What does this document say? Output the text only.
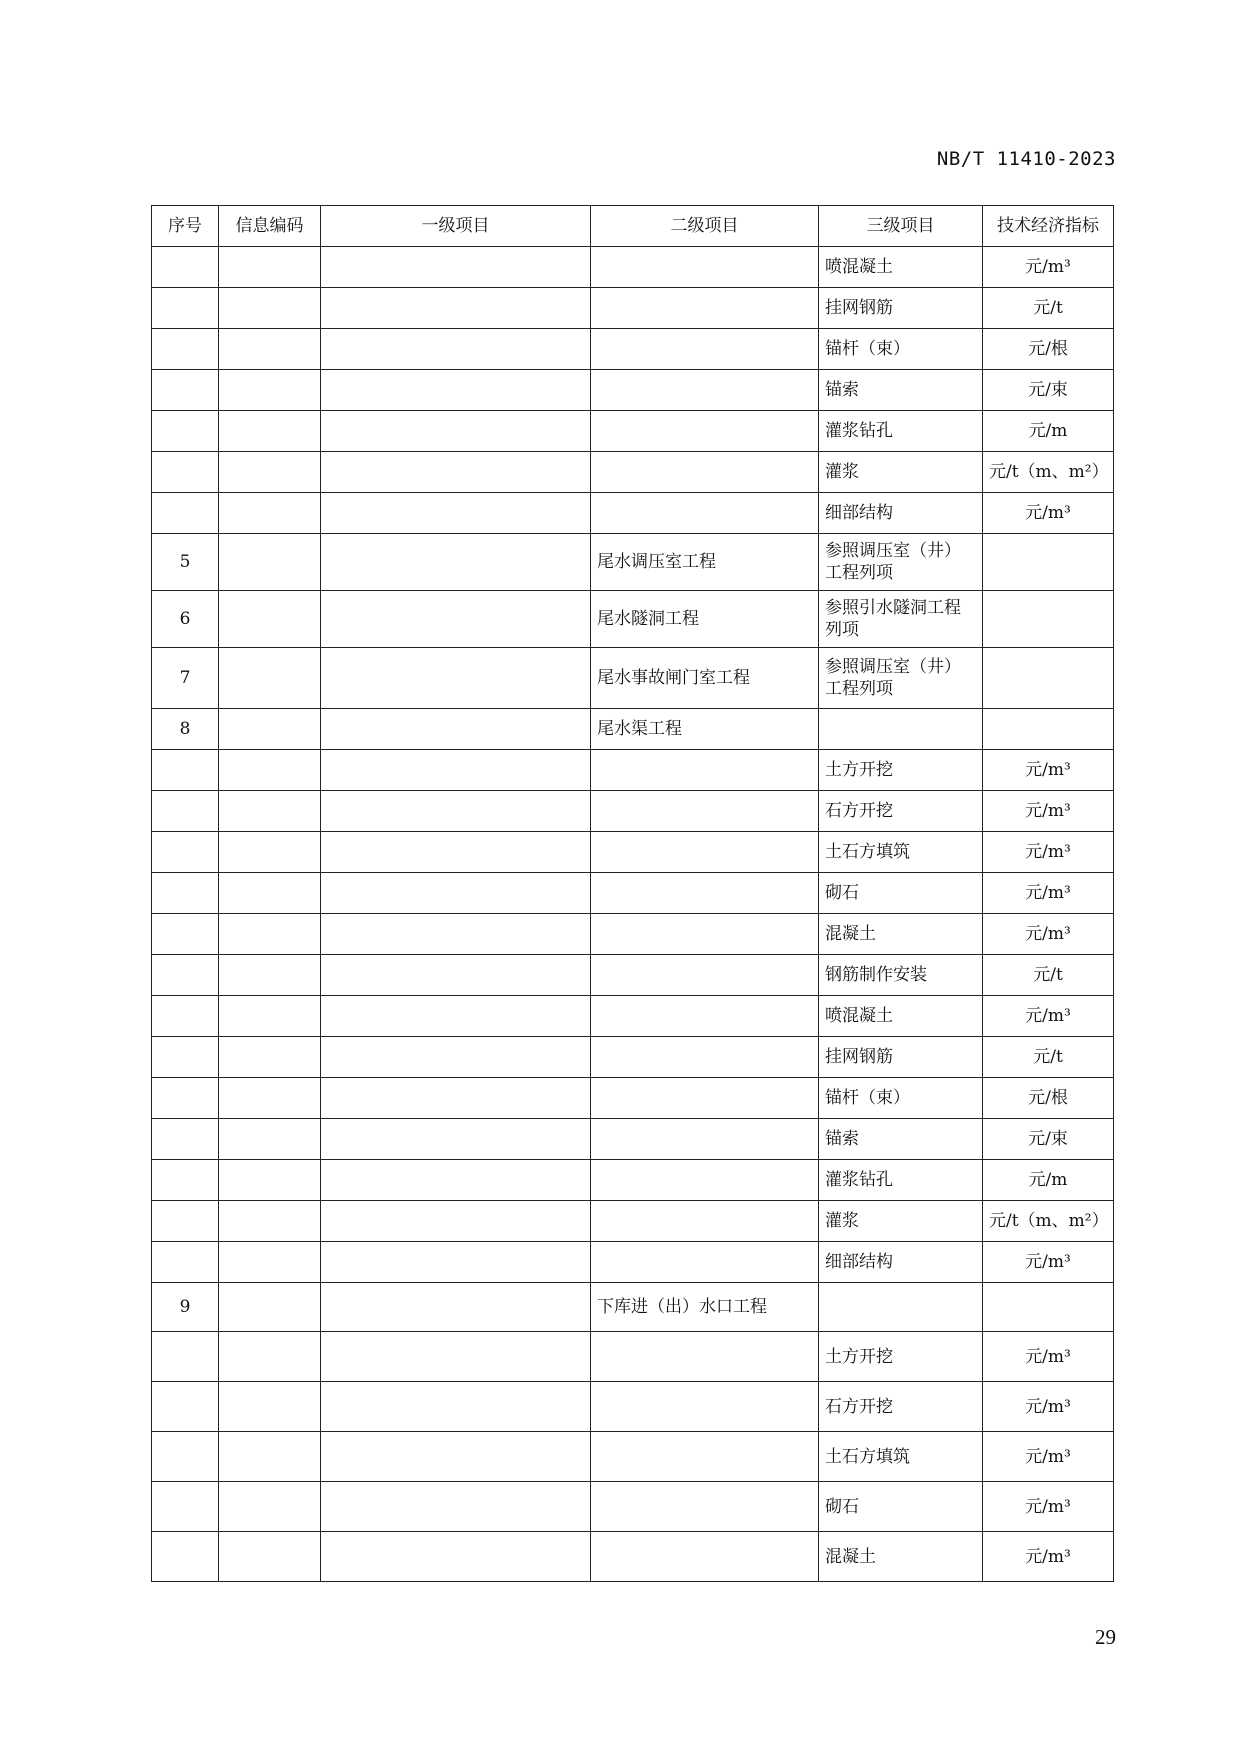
NB/T 11410-2023
序号	信息编码	一级项目	二级项目	三级项目	技术经济指标
				喷混凝土	元/m³
				挂网钢筋	元/t
				锚杆（束）	元/根
				锚索	元/束
				灌浆钻孔	元/m
				灌浆	元/t（m、m²）
				细部结构	元/m³
5			尾水调压室工程	参照调压室（井）工程列项	
6			尾水隧洞工程	参照引水隧洞工程列项	
7			尾水事故闸门室工程	参照调压室（井）工程列项	
8			尾水渠工程		
				土方开挖	元/m³
				石方开挖	元/m³
				土石方填筑	元/m³
				砌石	元/m³
				混凝土	元/m³
				钢筋制作安装	元/t
				喷混凝土	元/m³
				挂网钢筋	元/t
				锚杆（束）	元/根
				锚索	元/束
				灌浆钻孔	元/m
				灌浆	元/t（m、m²）
				细部结构	元/m³
9			下库进（出）水口工程		
				土方开挖	元/m³
				石方开挖	元/m³
				土石方填筑	元/m³
				砌石	元/m³
				混凝土	元/m³
29
